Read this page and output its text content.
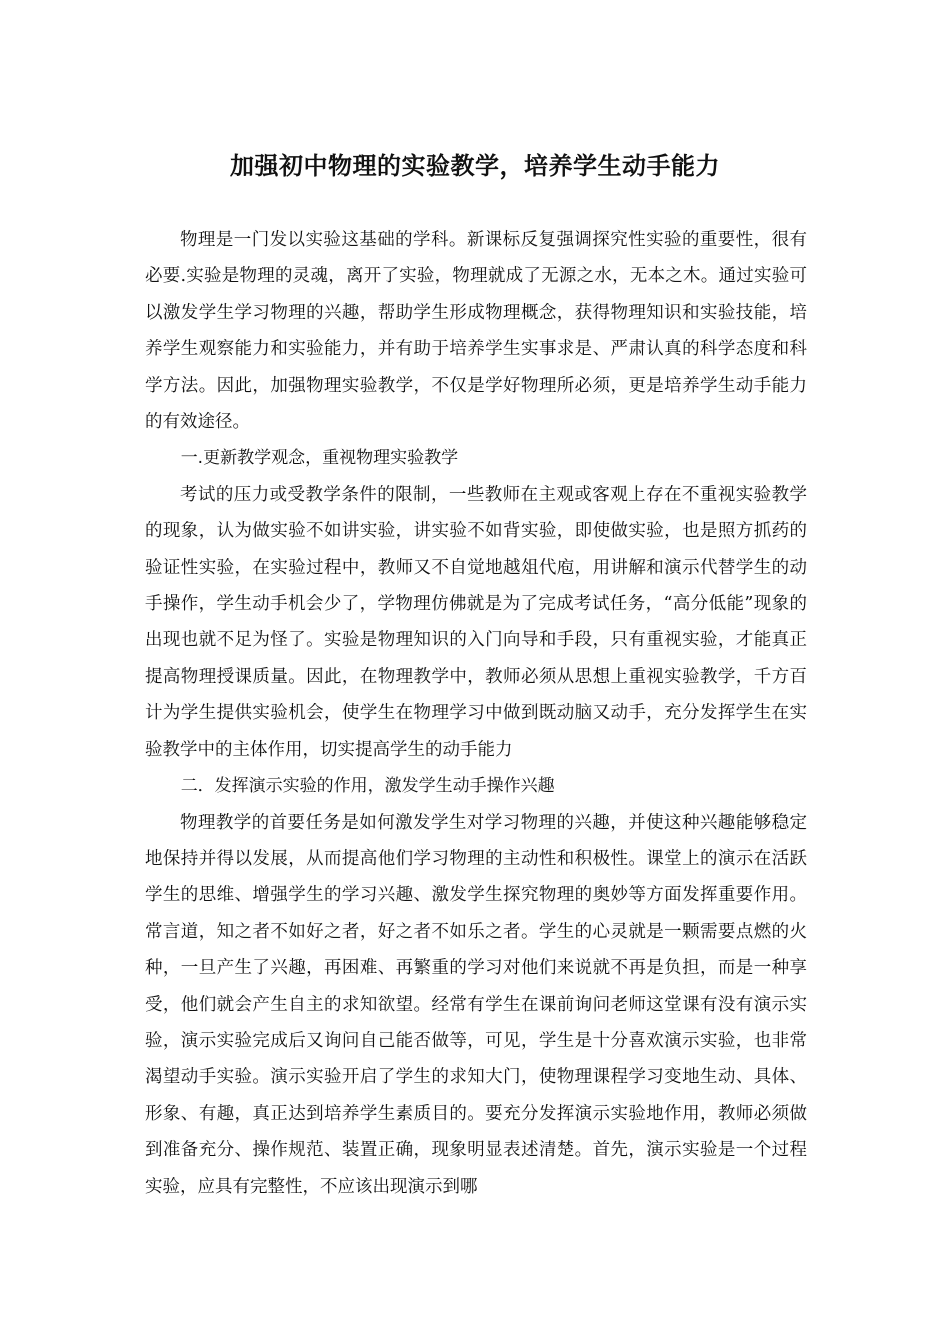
加强初中物理的实验教学，培养学生动手能力

物理是一门发以实验这基础的学科。新课标反复强调探究性实验的重要性，很有必要.实验是物理的灵魂，离开了实验，物理就成了无源之水，无本之木。通过实验可以激发学生学习物理的兴趣，帮助学生形成物理概念，获得物理知识和实验技能，培养学生观察能力和实验能力，并有助于培养学生实事求是、严肃认真的科学态度和科学方法。因此，加强物理实验教学，不仅是学好物理所必须，更是培养学生动手能力的有效途径。

一.更新教学观念，重视物理实验教学

考试的压力或受教学条件的限制，一些教师在主观或客观上存在不重视实验教学的现象，认为做实验不如讲实验，讲实验不如背实验，即使做实验，也是照方抓药的验证性实验，在实验过程中，教师又不自觉地越俎代庖，用讲解和演示代替学生的动手操作，学生动手机会少了，学物理仿佛就是为了完成考试任务，“高分低能”现象的出现也就不足为怪了。实验是物理知识的入门向导和手段，只有重视实验，才能真正提高物理授课质量。因此，在物理教学中，教师必须从思想上重视实验教学，千方百计为学生提供实验机会，使学生在物理学习中做到既动脑又动手，充分发挥学生在实验教学中的主体作用，切实提高学生的动手能力

二．发挥演示实验的作用，激发学生动手操作兴趣

物理教学的首要任务是如何激发学生对学习物理的兴趣，并使这种兴趣能够稳定地保持并得以发展，从而提高他们学习物理的主动性和积极性。课堂上的演示在活跃学生的思维、增强学生的学习兴趣、激发学生探究物理的奥妙等方面发挥重要作用。常言道，知之者不如好之者，好之者不如乐之者。学生的心灵就是一颗需要点燃的火种，一旦产生了兴趣，再困难、再繁重的学习对他们来说就不再是负担，而是一种享受，他们就会产生自主的求知欲望。经常有学生在课前询问老师这堂课有没有演示实验，演示实验完成后又询问自己能否做等，可见，学生是十分喜欢演示实验，也非常渴望动手实验。演示实验开启了学生的求知大门，使物理课程学习变地生动、具体、形象、有趣，真正达到培养学生素质目的。要充分发挥演示实验地作用，教师必须做到准备充分、操作规范、装置正确，现象明显表述清楚。首先，演示实验是一个过程实验，应具有完整性，不应该出现演示到哪
